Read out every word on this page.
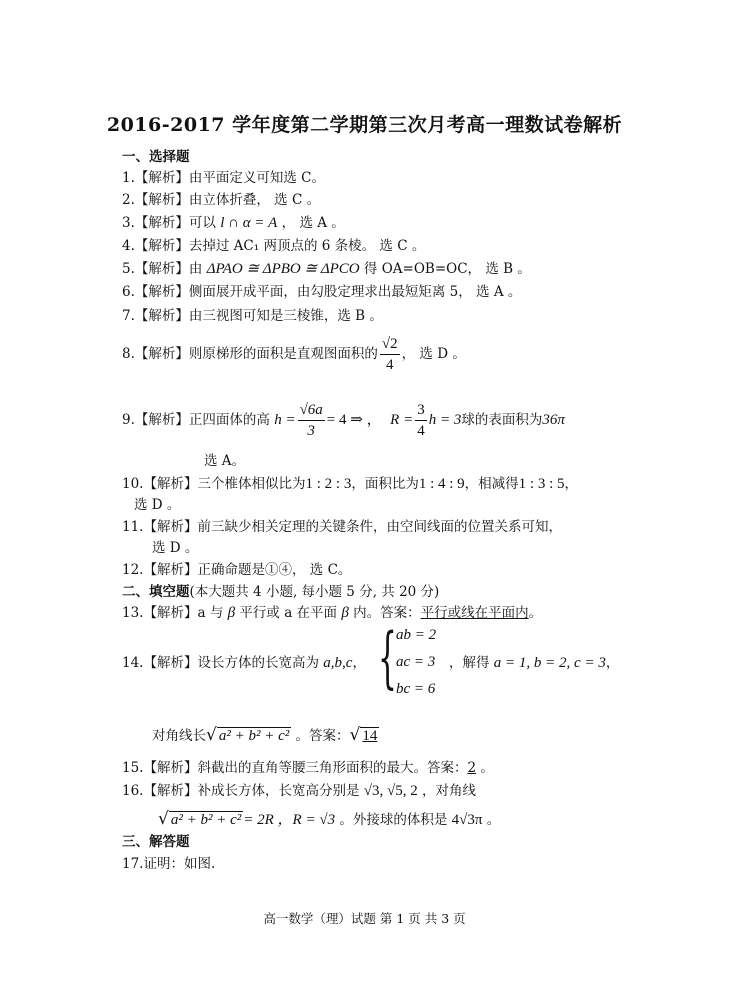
2016-2017 学年度第二学期第三次月考高一理数试卷解析
一、选择题
1.【解析】由平面定义可知选 C。
2.【解析】由立体折叠， 选 C 。
3.【解析】可以 l ∩ α = A ， 选 A 。
4.【解析】去掉过 AC₁ 两顶点的 6 条棱。 选 C 。
5.【解析】由 ΔPAO ≅ ΔPBO ≅ ΔPCO 得 OA=OB=OC， 选 B 。
6.【解析】侧面展开成平面，由勾股定理求出最短矩离 5， 选 A 。
7.【解析】由三视图可知是三棱锥，选 B 。
8.【解析】则原梯形的面积是直观图面积的 $\frac{√2}{4}$ ， 选 D 。
9.【解析】正四面体的高 $h = \frac{√6a}{3} = 4$ ⇒ ， $R = \frac{3}{4}$ h = 3球的表面积为36π
选 A。
10.【解析】三个椎体相似比为1 : 2 : 3，面积比为1 : 4 : 9，相减得1 : 3 : 5，
选 D 。
11.【解析】前三缺少相关定理的关键条件，由空间线面的位置关系可知，
选 D 。
12.【解析】正确命题是①④， 选 C。
二、填空题(本大题共 4 小题, 每小题 5 分, 共 20 分)
13.【解析】a 与 β 平行或 a 在平面 β 内。答案：平行或线在平面内。
14.【解析】设长方体的长宽高为 a,b,c， { ab = 2
ac = 3
bc = 6
，解得 a = 1, b = 2, c = 3，
对角线长√ a² + b² + c² 。答案：√ 14
15.【解析】斜截出的直角等腰三角形面积的最大。答案：2 。
16.【解析】补成长方体，长宽高分别是 √3, √5, 2 ，对角线
√ a² + b² + c² = 2R ，R = √3 。外接球的体积是 4√3π 。
三、解答题
17.证明：如图.
高一数学（理）试题 第 1 页 共 3 页
